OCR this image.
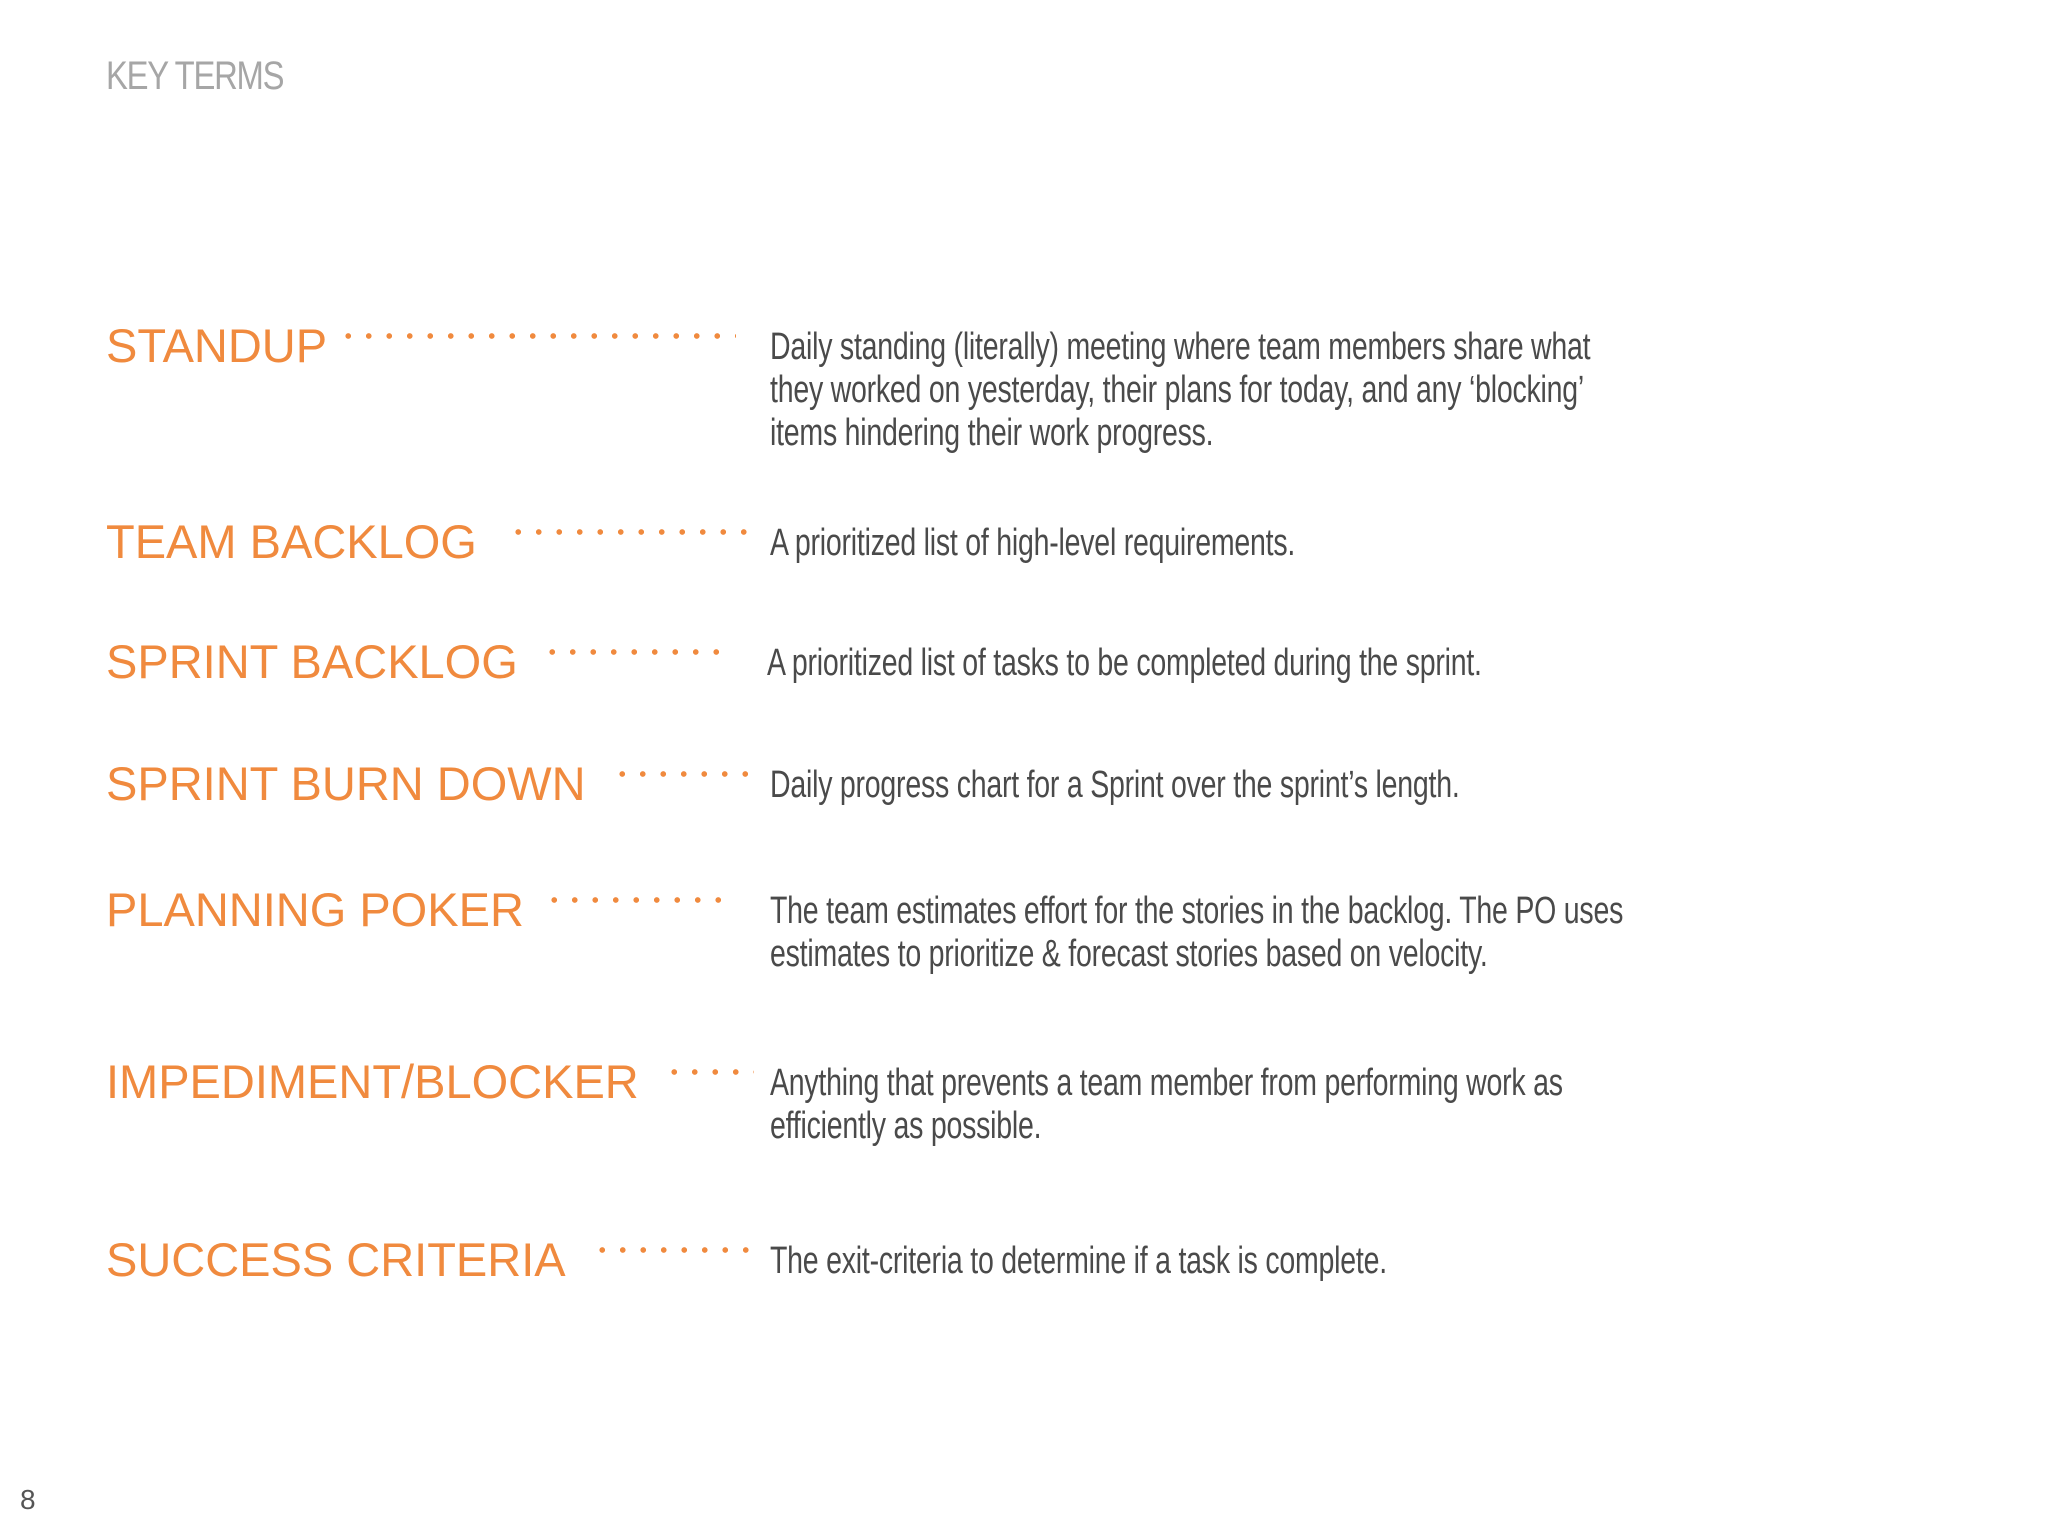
KEY TERMS
STANDUP	Daily standing (literally) meeting where team members share what
they worked on yesterday, their plans for today, and any ‘blocking’
items hindering their work progress.
TEAM BACKLOG	A prioritized list of high-level requirements.
SPRINT BACKLOG	A prioritized list of tasks to be completed during the sprint.
SPRINT BURN DOWN	Daily progress chart for a Sprint over the sprint’s length.
PLANNING POKER	The team estimates effort for the stories in the backlog. The PO uses
estimates to prioritize & forecast stories based on velocity.
IMPEDIMENT/BLOCKER	Anything that prevents a team member from performing work as
efficiently as possible.
SUCCESS CRITERIA	The exit-criteria to determine if a task is complete.
8
